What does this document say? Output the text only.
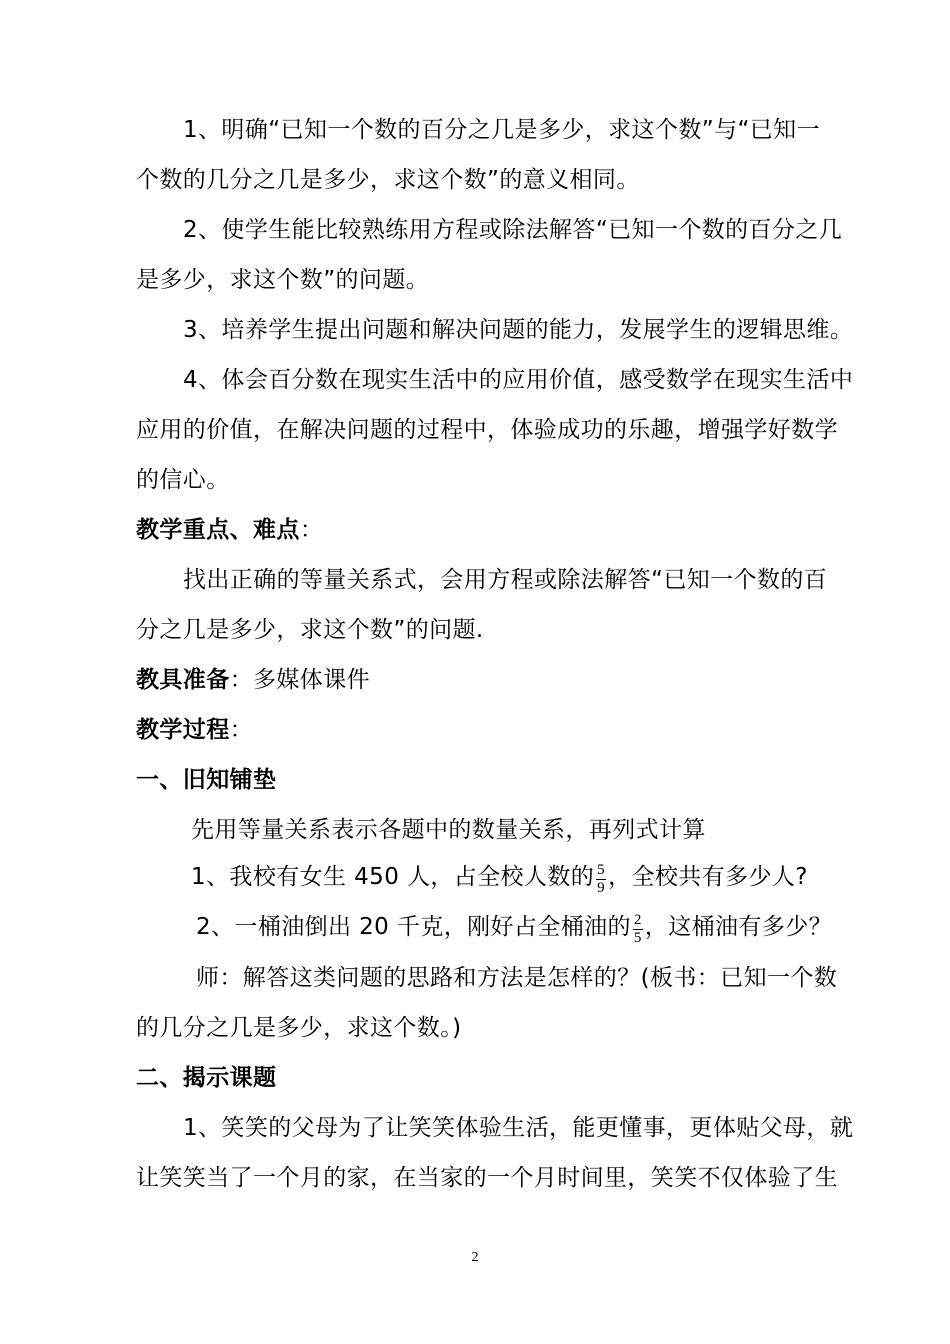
1、明确“已知一个数的百分之几是多少，求这个数”与“已知一
个数的几分之几是多少，求这个数”的意义相同。
2、使学生能比较熟练用方程或除法解答“已知一个数的百分之几
是多少，求这个数”的问题。
3、培养学生提出问题和解决问题的能力，发展学生的逻辑思维。
4、体会百分数在现实生活中的应用价值，感受数学在现实生活中
应用的价值，在解决问题的过程中，体验成功的乐趣，增强学好数学
的信心。
教学重点、难点：
找出正确的等量关系式，会用方程或除法解答“已知一个数的百
分之几是多少，求这个数”的问题.
教具准备：多媒体课件
教学过程：
一、旧知铺垫
先用等量关系表示各题中的数量关系，再列式计算
1、我校有女生 450 人，占全校人数的 $\frac{5}{9}$ ，全校共有多少人?
2、一桶油倒出 20 千克，刚好占全桶油的 $\frac{2}{5}$ ，这桶油有多少？
师：解答这类问题的思路和方法是怎样的？(板书：已知一个数
的几分之几是多少，求这个数。)
二、揭示课题
1、笑笑的父母为了让笑笑体验生活，能更懂事，更体贴父母，就
让笑笑当了一个月的家，在当家的一个月时间里，笑笑不仅体验了生
2
